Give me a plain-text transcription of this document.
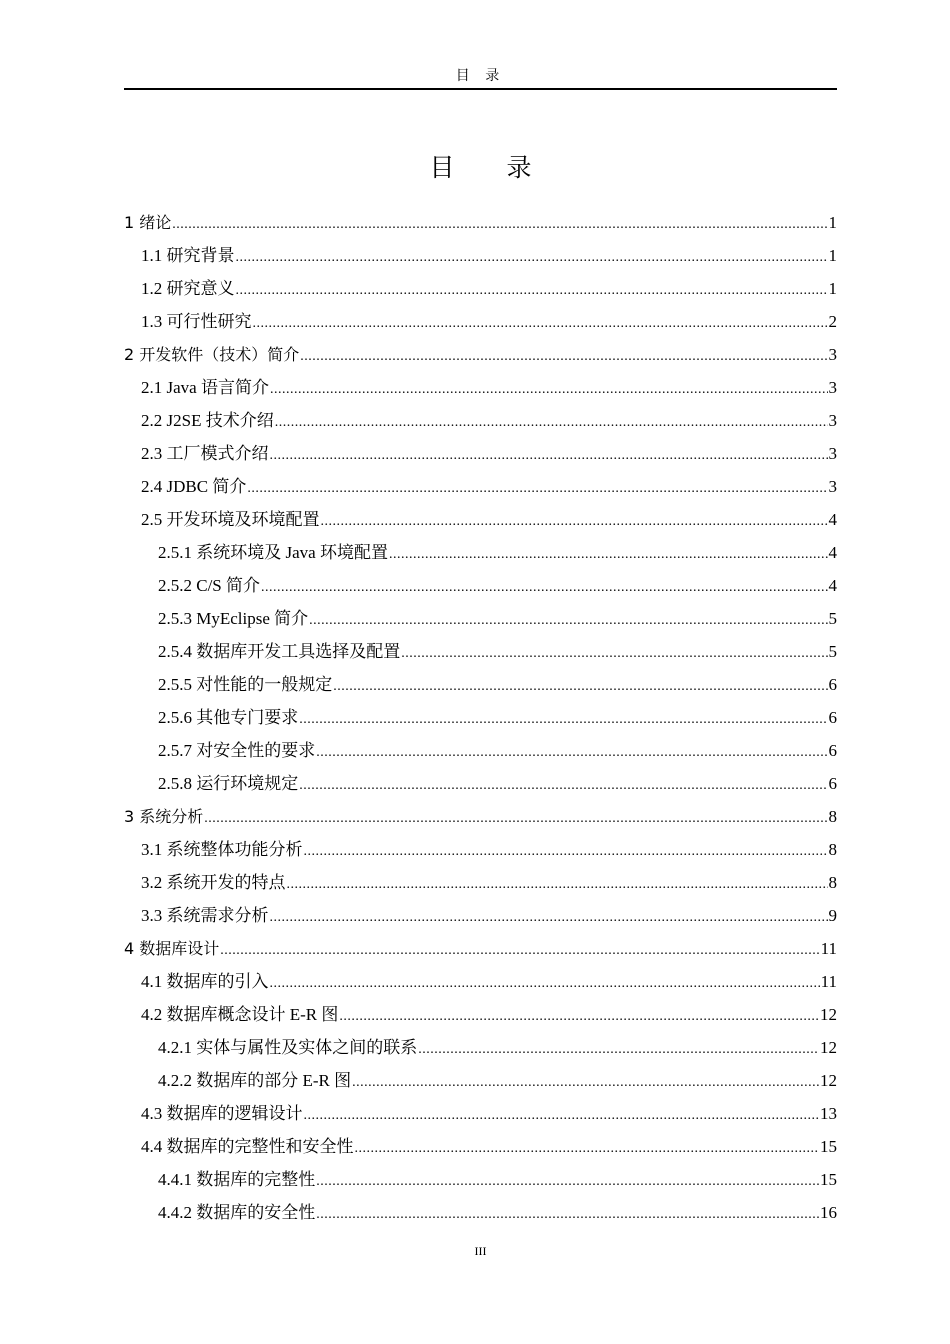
目 录
目 录
1 绪论 .....	1
1.1 研究背景 .....	1
1.2 研究意义 .....	1
1.3 可行性研究 .....	2
2 开发软件（技术）简介 .....	3
2.1 Java 语言简介 .....	3
2.2 J2SE 技术介绍 .....	3
2.3 工厂模式介绍 .....	3
2.4 JDBC 简介 .....	3
2.5 开发环境及环境配置 .....	4
2.5.1 系统环境及 Java 环境配置 .....	4
2.5.2 C/S 简介 .....	4
2.5.3 MyEclipse 简介 .....	5
2.5.4 数据库开发工具选择及配置 .....	5
2.5.5 对性能的一般规定 .....	6
2.5.6 其他专门要求 .....	6
2.5.7 对安全性的要求 .....	6
2.5.8 运行环境规定 .....	6
3 系统分析 .....	8
3.1 系统整体功能分析 .....	8
3.2 系统开发的特点 .....	8
3.3 系统需求分析 .....	9
4 数据库设计 .....	11
4.1 数据库的引入 .....	11
4.2 数据库概念设计 E-R 图 .....	12
4.2.1 实体与属性及实体之间的联系 .....	12
4.2.2 数据库的部分 E-R 图 .....	12
4.3 数据库的逻辑设计 .....	13
4.4 数据库的完整性和安全性 .....	15
4.4.1 数据库的完整性 .....	15
4.4.2 数据库的安全性 .....	16
III
